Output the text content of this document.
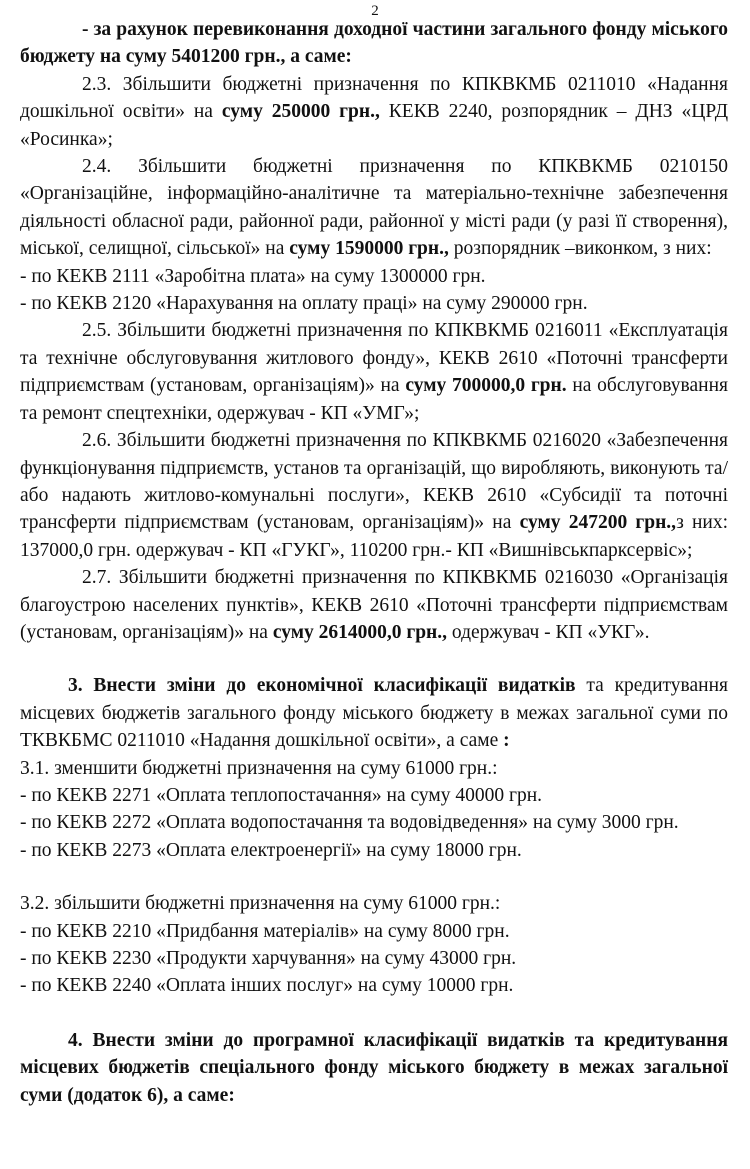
2

- за рахунок перевиконання доходної частини загального фонду міського бюджету на суму 5401200 грн., а саме:

2.3. Збільшити бюджетні призначення по КПКВКМБ 0211010 «Надання дошкільної освіти» на суму 250000 грн., КЕКВ 2240, розпорядник – ДНЗ «ЦРД «Росинка»;

2.4. Збільшити бюджетні призначення по КПКВКМБ 0210150 «Організаційне, інформаційно-аналітичне та матеріально-технічне забезпечення діяльності обласної ради, районної ради, районної у місті ради (у разі її створення), міської, селищної, сільської» на суму 1590000 грн., розпорядник –виконком, з них:

- по КЕКВ 2111 «Заробітна плата» на суму 1300000 грн.

- по КЕКВ 2120 «Нарахування на оплату праці» на суму 290000 грн.

2.5. Збільшити бюджетні призначення по КПКВКМБ 0216011 «Експлуатація та технічне обслуговування житлового фонду», КЕКВ 2610 «Поточні трансферти підприємствам (установам, організаціям)» на суму 700000,0 грн. на обслуговування та ремонт спецтехніки, одержувач - КП «УМГ»;

2.6. Збільшити бюджетні призначення по КПКВКМБ 0216020 «Забезпечення функціонування підприємств, установ та організацій, що виробляють, виконують та/або надають житлово-комунальні послуги», КЕКВ 2610 «Субсидії та поточні трансферти підприємствам (установам, організаціям)» на суму 247200 грн.,з них: 137000,0 грн. одержувач - КП «ГУКГ», 110200 грн.- КП «Вишнівськпарксервіс»;

2.7. Збільшити бюджетні призначення по КПКВКМБ 0216030 «Організація благоустрою населених пунктів», КЕКВ 2610 «Поточні трансферти підприємствам (установам, організаціям)» на суму 2614000,0 грн., одержувач - КП «УКГ».

3. Внести зміни до економічної класифікації видатків та кредитування місцевих бюджетів загального фонду міського бюджету в межах загальної суми по ТКВКБМС 0211010 «Надання дошкільної освіти», а саме :

3.1. зменшити бюджетні призначення на суму 61000 грн.:

- по КЕКВ 2271 «Оплата теплопостачання» на суму 40000 грн.

- по КЕКВ 2272 «Оплата водопостачання та водовідведення» на суму 3000 грн.

- по КЕКВ 2273 «Оплата електроенергії» на суму 18000 грн.

3.2. збільшити бюджетні призначення на суму 61000 грн.:

- по КЕКВ 2210 «Придбання матеріалів» на суму 8000 грн.

- по КЕКВ 2230 «Продукти харчування» на суму 43000 грн.

- по КЕКВ 2240 «Оплата інших послуг» на суму 10000 грн.

4. Внести зміни до програмної класифікації видатків та кредитування місцевих бюджетів спеціального фонду міського бюджету в межах загальної суми (додаток 6), а саме:
